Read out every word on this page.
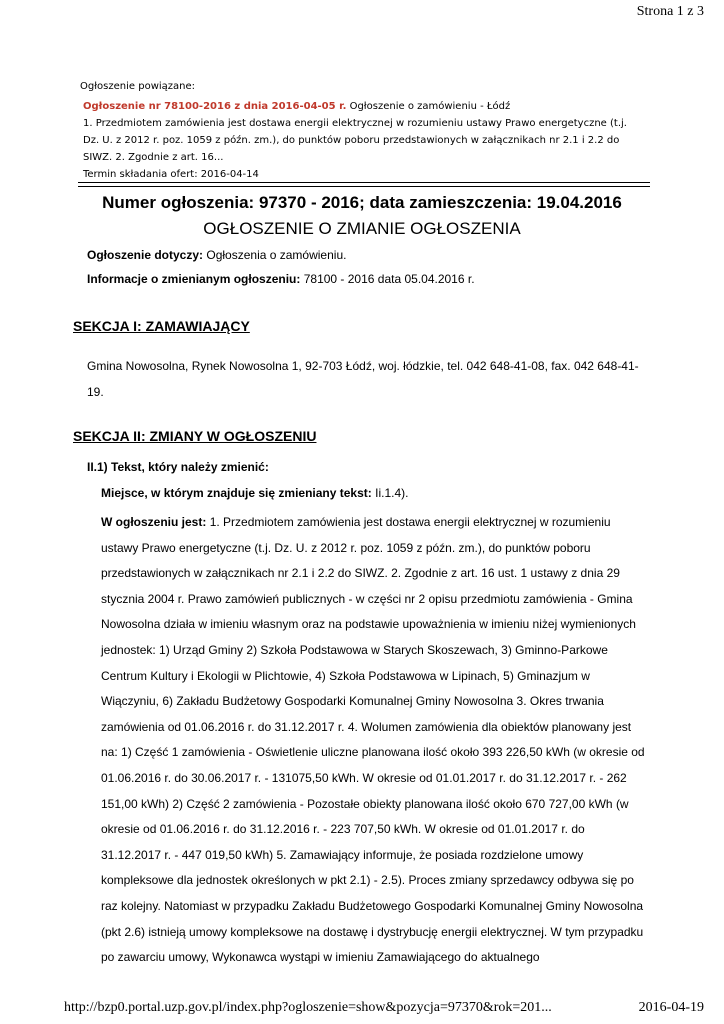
Strona 1 z 3
Ogłoszenie powiązane:
Ogłoszenie nr 78100-2016 z dnia 2016-04-05 r. Ogłoszenie o zamówieniu - Łódź
1. Przedmiotem zamówienia jest dostawa energii elektrycznej w rozumieniu ustawy Prawo energetyczne (t.j. Dz. U. z 2012 r. poz. 1059 z późn. zm.), do punktów poboru przedstawionych w załącznikach nr 2.1 i 2.2 do SIWZ. 2. Zgodnie z art. 16...
Termin składania ofert: 2016-04-14
Numer ogłoszenia: 97370 - 2016; data zamieszczenia: 19.04.2016
OGŁOSZENIE O ZMIANIE OGŁOSZENIA
Ogłoszenie dotyczy: Ogłoszenia o zamówieniu.
Informacje o zmienianym ogłoszeniu: 78100 - 2016 data 05.04.2016 r.
SEKCJA I: ZAMAWIAJĄCY
Gmina Nowosolna, Rynek Nowosolna 1, 92-703 Łódź, woj. łódzkie, tel. 042 648-41-08, fax. 042 648-41-19.
SEKCJA II: ZMIANY W OGŁOSZENIU
II.1) Tekst, który należy zmienić:
Miejsce, w którym znajduje się zmieniany tekst: Ii.1.4).

W ogłoszeniu jest: 1. Przedmiotem zamówienia jest dostawa energii elektrycznej w rozumieniu ustawy Prawo energetyczne (t.j. Dz. U. z 2012 r. poz. 1059 z późn. zm.), do punktów poboru przedstawionych w załącznikach nr 2.1 i 2.2 do SIWZ. 2. Zgodnie z art. 16 ust. 1 ustawy z dnia 29 stycznia 2004 r. Prawo zamówień publicznych - w części nr 2 opisu przedmiotu zamówienia - Gmina Nowosolna działa w imieniu własnym oraz na podstawie upoważnienia w imieniu niżej wymienionych jednostek: 1) Urząd Gminy 2) Szkoła Podstawowa w Starych Skoszewach, 3) Gminno-Parkowe Centrum Kultury i Ekologii w Plichtowie, 4) Szkoła Podstawowa w Lipinach, 5) Gminazjum w Wiączyniu, 6) Zakładu Budżetowy Gospodarki Komunalnej Gminy Nowosolna 3. Okres trwania zamówienia od 01.06.2016 r. do 31.12.2017 r. 4. Wolumen zamówienia dla obiektów planowany jest na: 1) Część 1 zamówienia - Oświetlenie uliczne planowana ilość około 393 226,50 kWh (w okresie od 01.06.2016 r. do 30.06.2017 r. - 131075,50 kWh. W okresie od 01.01.2017 r. do 31.12.2017 r. - 262 151,00 kWh) 2) Część 2 zamówienia - Pozostałe obiekty planowana ilość około 670 727,00 kWh (w okresie od 01.06.2016 r. do 31.12.2016 r. - 223 707,50 kWh. W okresie od 01.01.2017 r. do 31.12.2017 r. - 447 019,50 kWh) 5. Zamawiający informuje, że posiada rozdzielone umowy kompleksowe dla jednostek określonych w pkt 2.1) - 2.5). Proces zmiany sprzedawcy odbywa się po raz kolejny. Natomiast w przypadku Zakładu Budżetowego Gospodarki Komunalnej Gminy Nowosolna (pkt 2.6) istnieją umowy kompleksowe na dostawę i dystrybucję energii elektrycznej. W tym przypadku po zawarciu umowy, Wykonawca wystąpi w imieniu Zamawiającego do aktualnego

http://bzp0.portal.uzp.gov.pl/index.php?ogloszenie=show&pozycja=97370&rok=201...	2016-04-19
